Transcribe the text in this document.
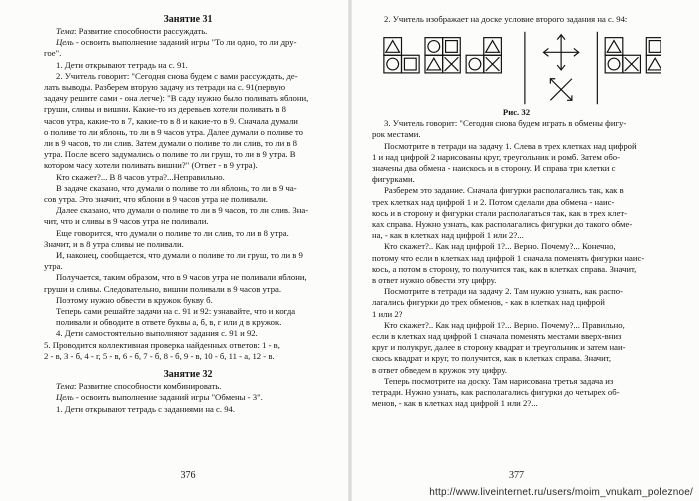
Занятие 31
Тема: Развитие способности рассуждать.
Цель - освоить выполнение заданий игры "То ли одно, то ли дру-
гое".
1. Дети открывают тетрадь на с. 91.
2. Учитель говорит: "Сегодня снова будем с вами рассуждать, де-
лать выводы. Разберем вторую задачу из тетради на с. 91(первую
задачу решите сами - она легче): "В саду нужно было поливать яблони,
груши, сливы и вишни. Какие-то из деревьев хотели поливать в 8
часов утра, какие-то в 7, какие-то в 8 и какие-то в 9. Сначала думали
о поливе то ли яблонь, то ли в 9 часов утра. Далее думали о поливе то
ли в 9 часов, то ли слив. Затем думали о поливе то ли слив, то ли в 8
утра. После всего задумались о поливе то ли груш, то ли в 9 утра. В
котором часу хотели поливать вишни?" (Ответ - в 9 утра).
Кто скажет?... В 8 часов утра?...Неправильно.
В задаче сказано, что думали о поливе то ли яблонь, то ли в 9 ча-
сов утра. Это значит, что яблони в 9 часов утра не поливали.
Далее сказано, что думали о поливе то ли в 9 часов, то ли слив. Зна-
чит, что и сливы в 9 часов утра не поливали.
Еще говорится, что думали о поливе то ли слив, то ли в 8 утра.
Значит, и в 8 утра сливы не поливали.
И, наконец, сообщается, что думали о поливе то ли груш, то ли в 9
утра.
Получается, таким образом, что в 9 часов утра не поливали яблони,
груши и сливы. Следовательно, вишни поливали в 9 часов утра.
Поэтому нужно обвести в кружок букву б.
Теперь сами решайте задачи на с. 91 и 92: узнавайте, что и когда
поливали и обводите в ответе буквы а, б, в, г или д в кружок.
4. Дети самостоятельно выполняют задания с. 91 и 92.
5. Проводится коллективная проверка найденных ответов: 1 - в,
2 - в, 3 - б, 4 - г, 5 - в, 6 - б, 7 - б, 8 - б, 9 - в, 10 - б, 11 - а, 12 - в.
Занятие 32
Тема: Развитие способности комбинировать.
Цель - освоить выполнение заданий игры "Обмены - 3".
1. Дети открывают тетрадь с заданиями на с. 94.
376
2. Учитель изображает на доске условие второго задания на с. 94:
Рис. 32
3. Учитель говорит: "Сегодня снова будем играть в обмены фигу-
рок местами.
Посмотрите в тетради на задачу 1. Слева в трех клетках над цифрой
1 и над цифрой 2 нарисованы круг, треугольник и ромб. Затем обо-
значены два обмена - наискось и в сторону. И справа три клетки с
фигурками.
Разберем это задание. Сначала фигурки располагались так, как в
трех клетках над цифрой 1 и 2. Потом сделали два обмена - наис-
кось и в сторону и фигурки стали располагаться так, как в трех клет-
ках справа. Нужно узнать, как располагались фигурки до такого обме-
на, - как в клетках над цифрой 1 или 2?...
Кто скажет?.. Как над цифрой 1?... Верно. Почему?... Конечно,
потому что если в клетках над цифрой 1 сначала поменять фигурки наис-
кось, а потом в сторону, то получится так, как в клетках справа. Значит,
в ответ нужно обвести эту цифру.
Посмотрите в тетради на задачу 2. Там нужно узнать, как распо-
лагались фигурки до трех обменов, - как в клетках над цифрой
1 или 2?
Кто скажет?.. Как над цифрой 1?... Верно. Почему?... Правильно,
если в клетках над цифрой 1 сначала поменять местами вверх-вниз
круг и полукруг, далее в сторону квадрат и треугольник и затем наи-
скось квадрат и круг, то получится, как в клетках справа. Значит,
в ответ обведем в кружок эту цифру.
Теперь посмотрите на доску. Там нарисована третья задача из
тетради. Нужно узнать, как располагались фигурки до четырех об-
менов, - как в клетках над цифрой 1 или 2?...
377
http://www.liveinternet.ru/users/moim_vnukam_poleznoe/
